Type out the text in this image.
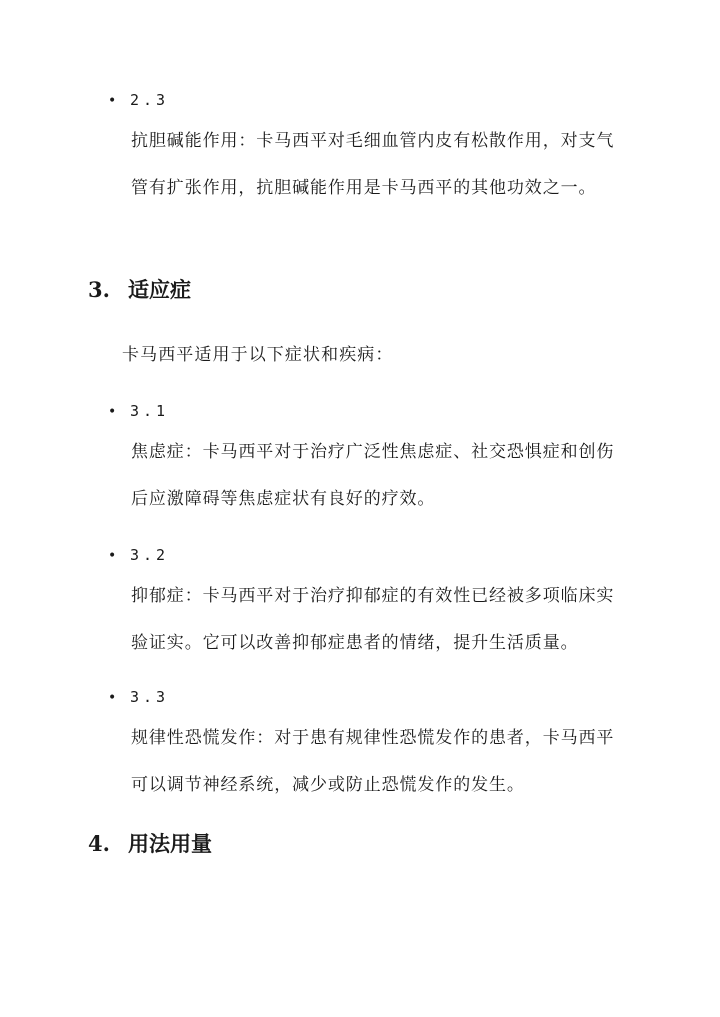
• 2.3

抗胆碱能作用：卡马西平对毛细血管内皮有松散作用，对支气管有扩张作用，抗胆碱能作用是卡马西平的其他功效之一。

3. 适应症

卡马西平适用于以下症状和疾病：

• 3.1

焦虑症：卡马西平对于治疗广泛性焦虑症、社交恐惧症和创伤后应激障碍等焦虑症状有良好的疗效。

• 3.2

抑郁症：卡马西平对于治疗抑郁症的有效性已经被多项临床实验证实。它可以改善抑郁症患者的情绪，提升生活质量。

• 3.3

规律性恐慌发作：对于患有规律性恐慌发作的患者，卡马西平可以调节神经系统，减少或防止恐慌发作的发生。

4. 用法用量
